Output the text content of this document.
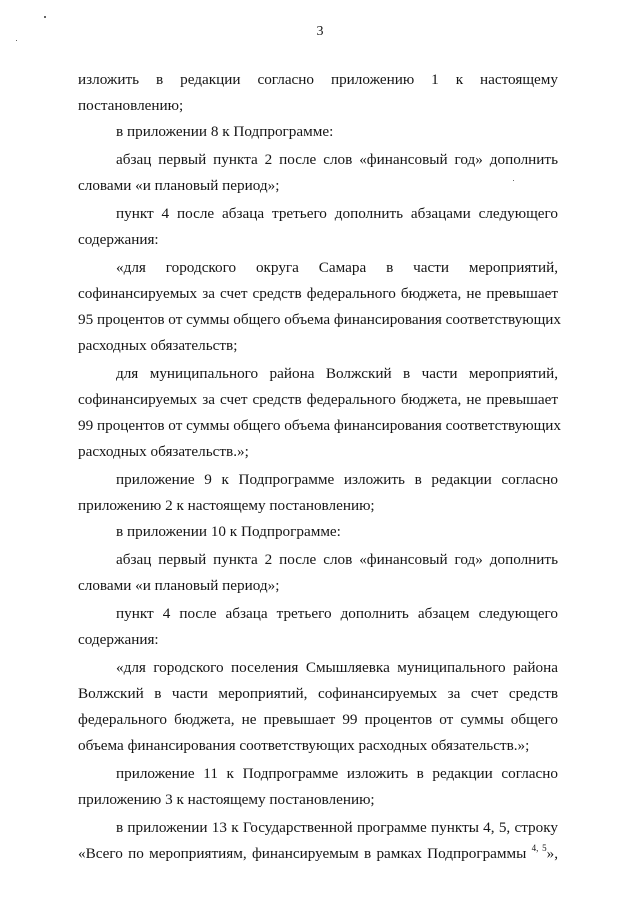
3
изложить в редакции согласно приложению 1 к настоящему
постановлению;
в приложении 8 к Подпрограмме:
абзац первый пункта 2 после слов «финансовый год» дополнить
словами «и плановый период»;
пункт 4 после абзаца третьего дополнить абзацами следующего
содержания:
«для городского округа Самара в части мероприятий,
софинансируемых за счет средств федерального бюджета, не превышает
95 процентов от суммы общего объема финансирования соответствующих
расходных обязательств;
для муниципального района Волжский в части мероприятий,
софинансируемых за счет средств федерального бюджета, не превышает
99 процентов от суммы общего объема финансирования соответствующих
расходных обязательств.»;
приложение 9 к Подпрограмме изложить в редакции согласно
приложению 2 к настоящему постановлению;
в приложении 10 к Подпрограмме:
абзац первый пункта 2 после слов «финансовый год» дополнить
словами «и плановый период»;
пункт 4 после абзаца третьего дополнить абзацем следующего
содержания:
«для городского поселения Смышляевка муниципального района
Волжский в части мероприятий, софинансируемых за счет средств
федерального бюджета, не превышает 99 процентов от суммы общего
объема финансирования соответствующих расходных обязательств.»;
приложение 11 к Подпрограмме изложить в редакции согласно
приложению 3 к настоящему постановлению;
в приложении 13 к Государственной программе пункты 4, 5, строку
«Всего по мероприятиям, финансируемым в рамках Подпрограммы $^{4, 5}$»,
